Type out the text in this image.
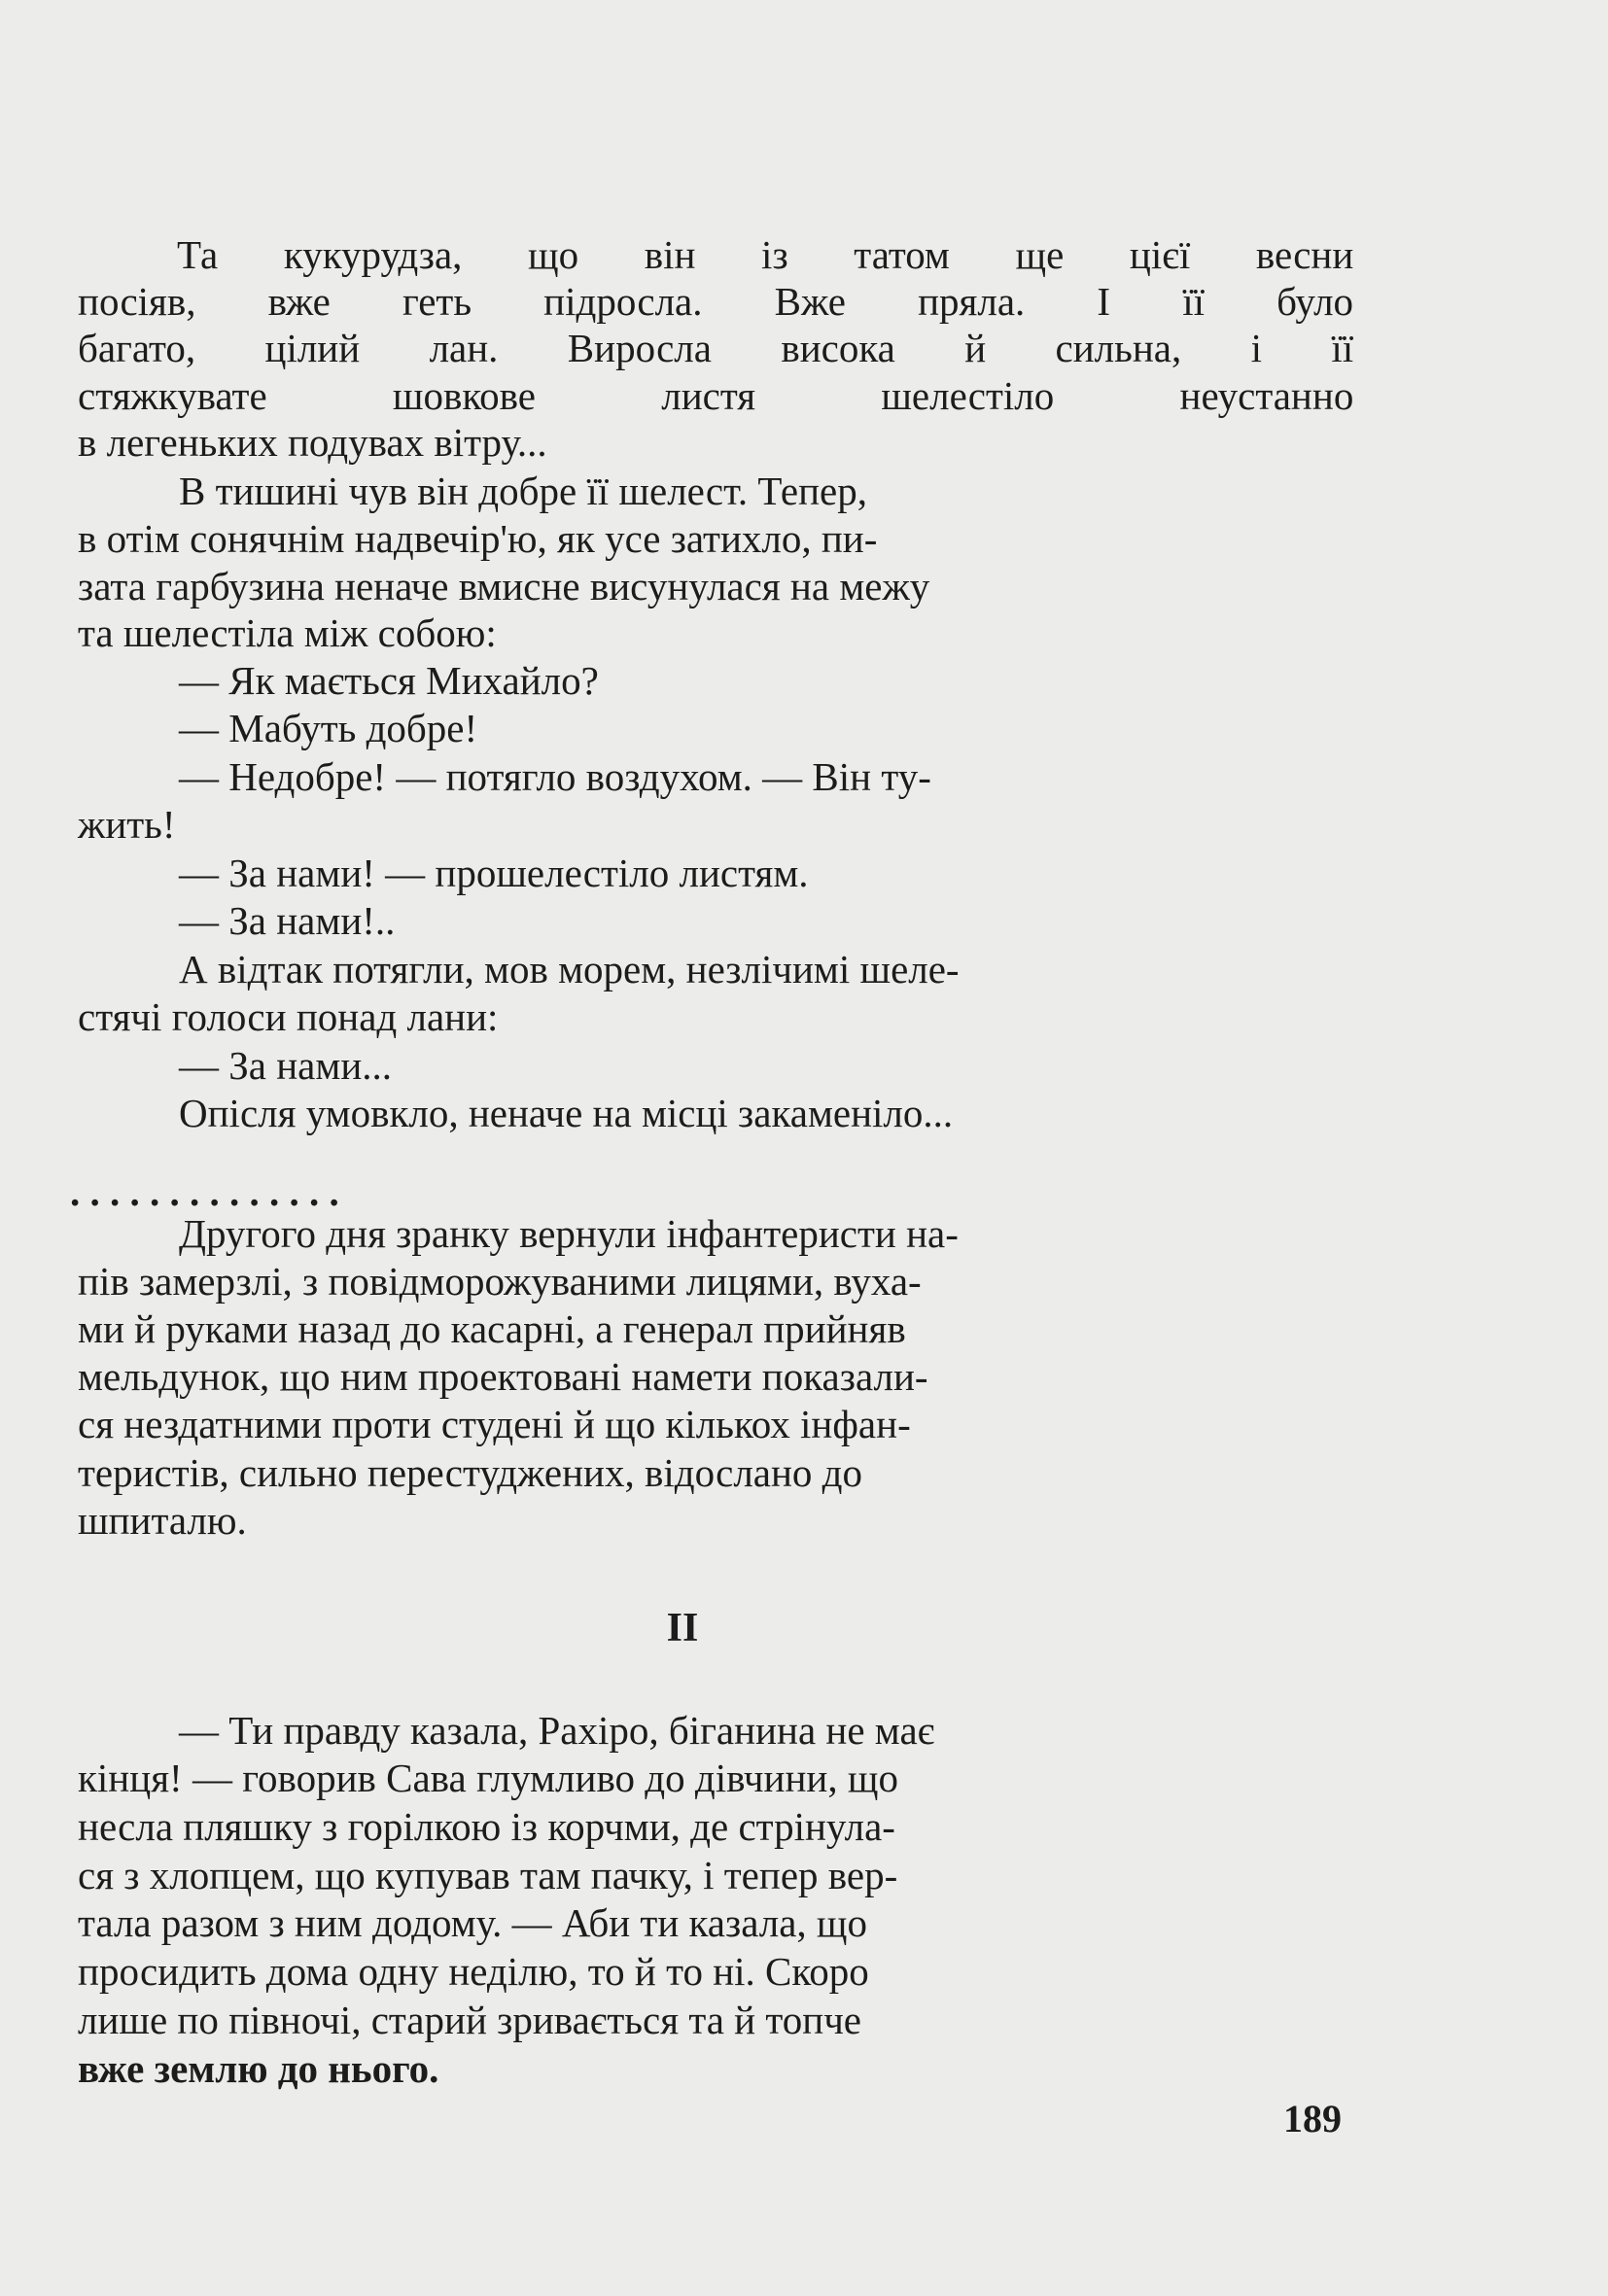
Та кукурудза, що він із татом ще цієї весни
посіяв, вже геть підросла. Вже пряла. І її було
багато, цілий лан. Виросла висока й сильна, і її
стяжкувате шовкове листя шелестіло неустанно
в легеньких подувах вітру...
В тишині чув він добре її шелест. Тепер,
в отім сонячнім надвечір'ю, як усе затихло, пи-
зата гарбузина неначе вмисне висунулася на межу
та шелестіла між собою:
— Як мається Михайло?
— Мабуть добре!
— Недобре! — потягло воздухом. — Він ту-
жить!
— За нами! — прошелестіло листям.
— За нами!..
А відтак потягли, мов морем, незлічимі шеле-
стячі голоси понад лани:
— За нами...
Опісля умовкло, неначе на місці закаменіло...
. . . . . . . . . . . . . .
Другого дня зранку вернули інфантеристи на-
пів замерзлі, з повідморожуваними лицями, вуха-
ми й руками назад до касарні, а генерал прийняв
мельдунок, що ним проектовані намети показали-
ся нездатними проти студені й що кількох інфан-
теристів, сильно перестуджених, відослано до
шпиталю.
II
— Ти правду казала, Рахіро, біганина не має
кінця! — говорив Сава глумливо до дівчини, що
несла пляшку з горілкою із корчми, де стрінула-
ся з хлопцем, що купував там пачку, і тепер вер-
тала разом з ним додому. — Аби ти казала, що
просидить дома одну неділю, то й то ні. Скоро
лише по півночі, старий зривається та й топче
вже землю до нього.
189
